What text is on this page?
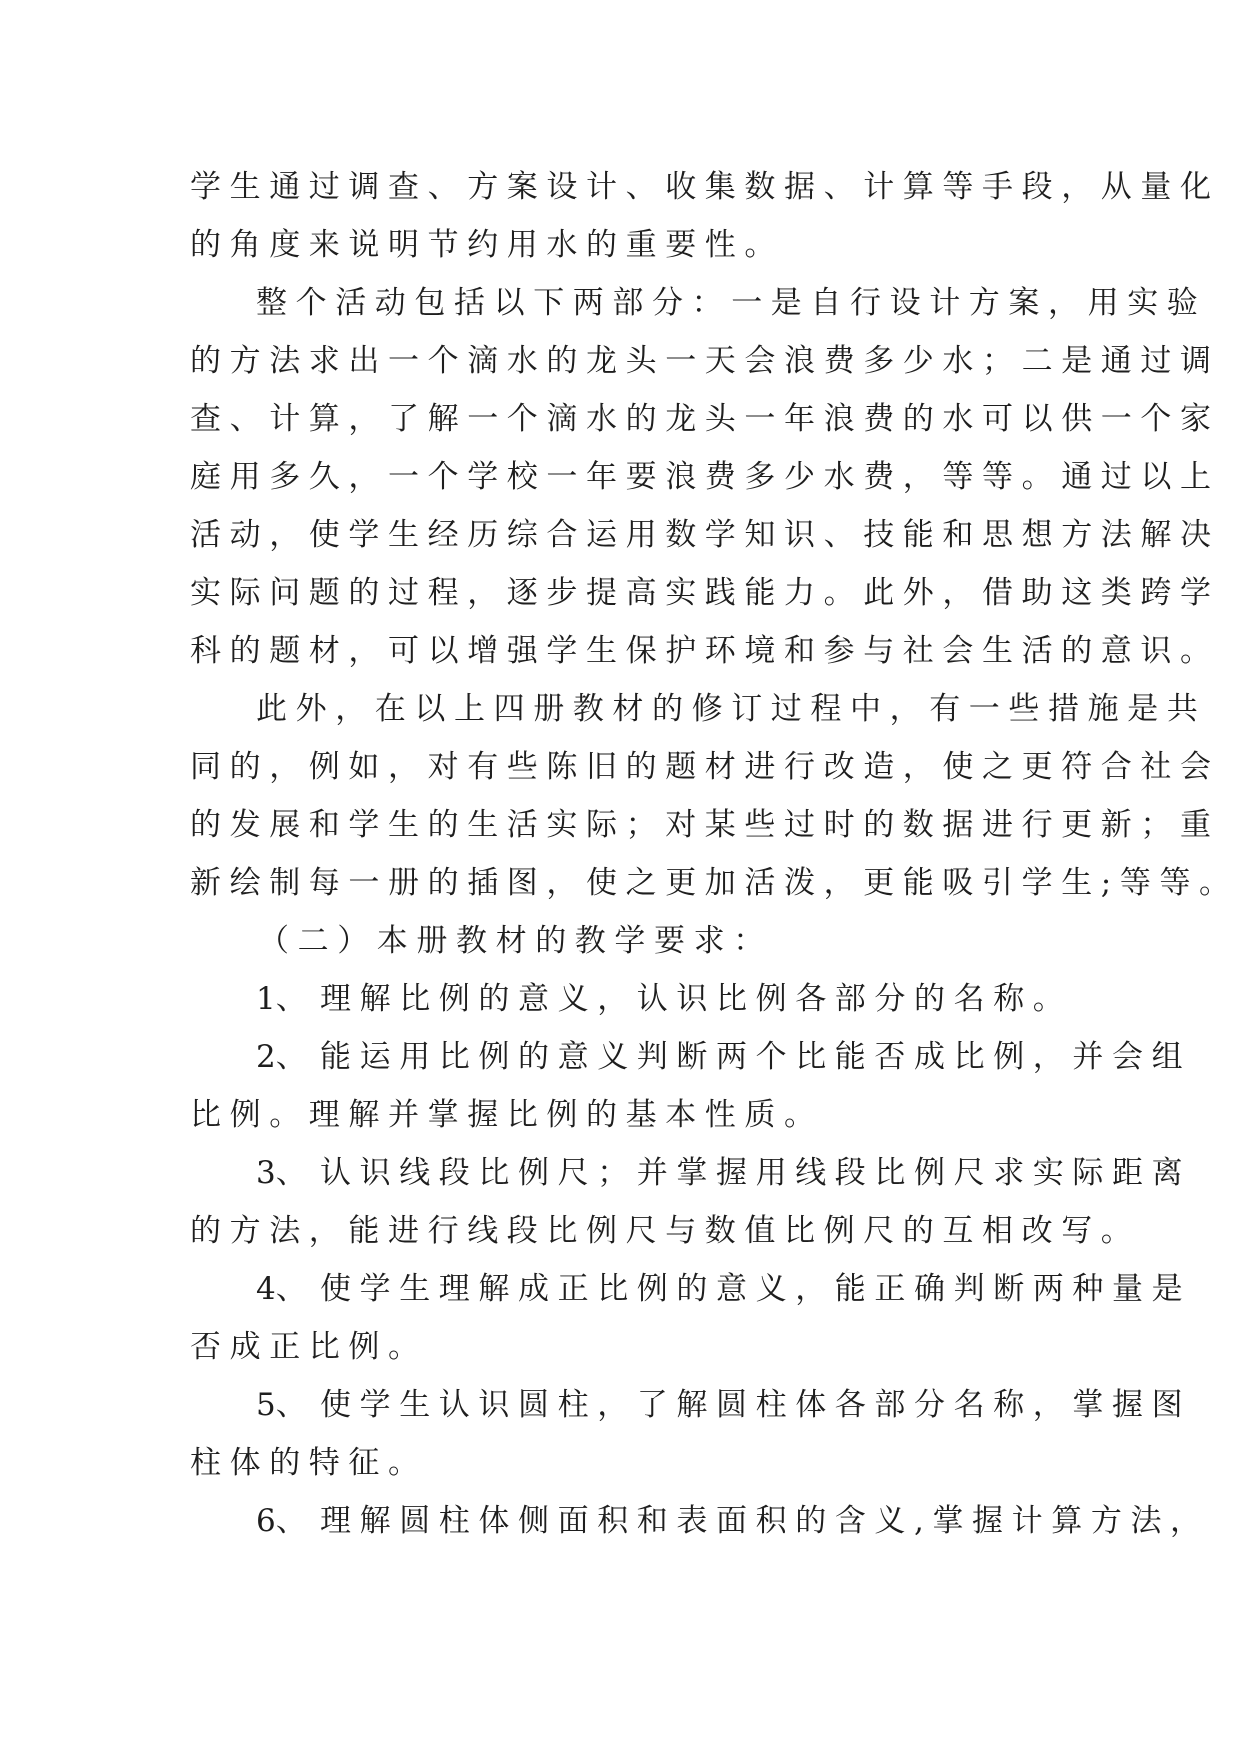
学生通过调查、方案设计、收集数据、计算等手段，从量化

的角度来说明节约用水的重要性。

整个活动包括以下两部分：一是自行设计方案，用实验

的方法求出一个滴水的龙头一天会浪费多少水；二是通过调

查、计算，了解一个滴水的龙头一年浪费的水可以供一个家

庭用多久，一个学校一年要浪费多少水费，等等。通过以上

活动，使学生经历综合运用数学知识、技能和思想方法解决

实际问题的过程，逐步提高实践能力。此外，借助这类跨学

科的题材，可以增强学生保护环境和参与社会生活的意识。

此外，在以上四册教材的修订过程中，有一些措施是共

同的，例如，对有些陈旧的题材进行改造，使之更符合社会

的发展和学生的生活实际；对某些过时的数据进行更新；重

新绘制每一册的插图，使之更加活泼，更能吸引学生;等等。

（二）本册教材的教学要求：

1、 理解比例的意义，认识比例各部分的名称。

2、 能运用比例的意义判断两个比能否成比例，并会组

比例。理解并掌握比例的基本性质。

3、 认识线段比例尺；并掌握用线段比例尺求实际距离

的方法，能进行线段比例尺与数值比例尺的互相改写。

4、 使学生理解成正比例的意义，能正确判断两种量是

否成正比例。

5、 使学生认识圆柱，了解圆柱体各部分名称，掌握图

柱体的特征。

6、 理解圆柱体侧面积和表面积的含义,掌握计算方法，
